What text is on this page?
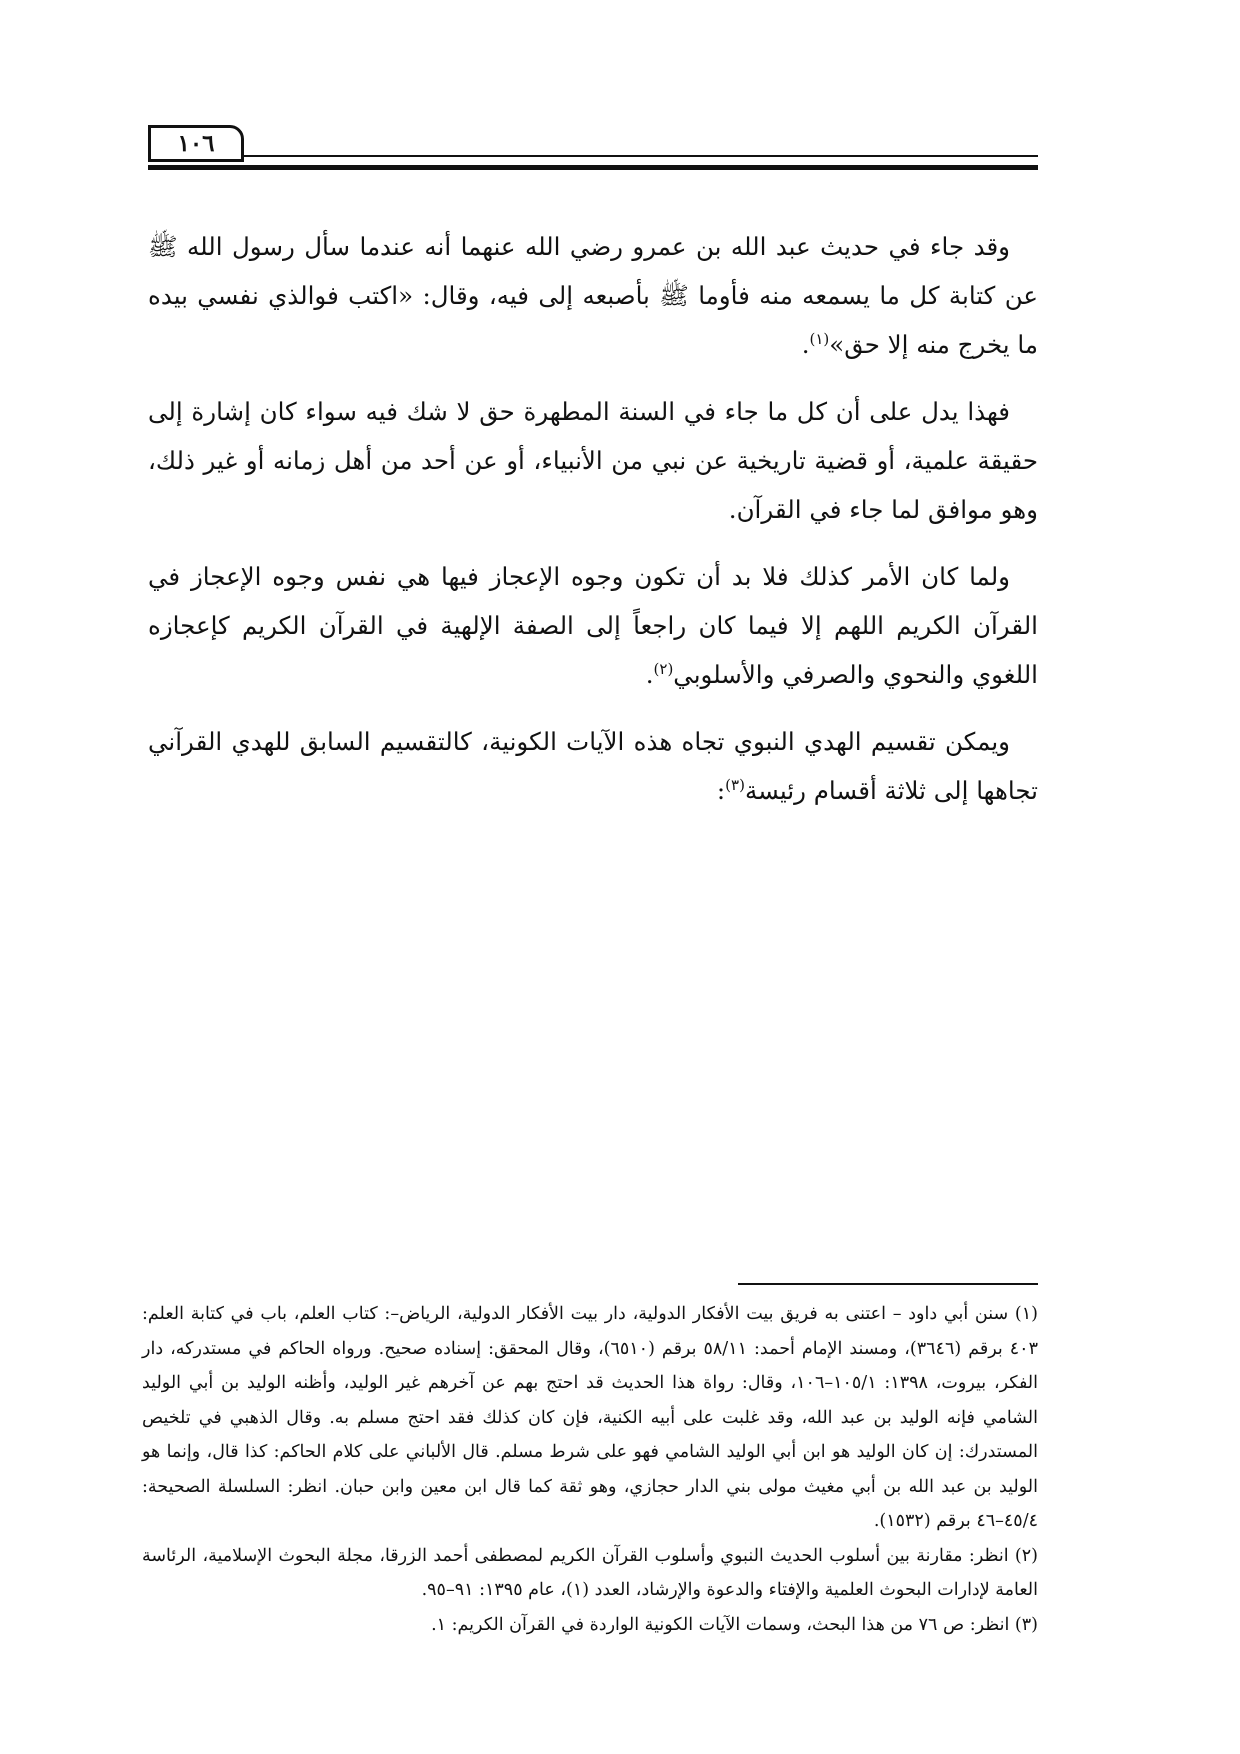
١٠٦

وقد جاء في حديث عبد الله بن عمرو رضي الله عنهما أنه عندما سأل رسول الله ﷺ عن كتابة كل ما يسمعه منه فأوما ﷺ بأصبعه إلى فيه، وقال: «اكتب فوالذي نفسي بيده ما يخرج منه إلا حق»$^{(١)}$.

فهذا يدل على أن كل ما جاء في السنة المطهرة حق لا شك فيه سواء كان إشارة إلى حقيقة علمية، أو قضية تاريخية عن نبي من الأنبياء، أو عن أحد من أهل زمانه أو غير ذلك، وهو موافق لما جاء في القرآن.

ولما كان الأمر كذلك فلا بد أن تكون وجوه الإعجاز فيها هي نفس وجوه الإعجاز في القرآن الكريم اللهم إلا فيما كان راجعاً إلى الصفة الإلهية في القرآن الكريم كإعجازه اللغوي والنحوي والصرفي والأسلوبي$^{(٢)}$.

ويمكن تقسيم الهدي النبوي تجاه هذه الآيات الكونية، كالتقسيم السابق للهدي القرآني تجاهها إلى ثلاثة أقسام رئيسة$^{(٣)}$:

(١) سنن أبي داود – اعتنى به فريق بيت الأفكار الدولية، دار بيت الأفكار الدولية، الرياض–: كتاب العلم، باب في كتابة العلم: ٤٠٣ برقم (٣٦٤٦)، ومسند الإمام أحمد: ٥٨/١١ برقم (٦٥١٠)، وقال المحقق: إسناده صحيح. ورواه الحاكم في مستدركه، دار الفكر، بيروت، ١٣٩٨: ١٠٥/١–١٠٦، وقال: رواة هذا الحديث قد احتج بهم عن آخرهم غير الوليد، وأظنه الوليد بن أبي الوليد الشامي فإنه الوليد بن عبد الله، وقد غلبت على أبيه الكنية، فإن كان كذلك فقد احتج مسلم به. وقال الذهبي في تلخيص المستدرك: إن كان الوليد هو ابن أبي الوليد الشامي فهو على شرط مسلم. قال الألباني على كلام الحاكم: كذا قال، وإنما هو الوليد بن عبد الله بن أبي مغيث مولى بني الدار حجازي، وهو ثقة كما قال ابن معين وابن حبان. انظر: السلسلة الصحيحة: ٤٥/٤–٤٦ برقم (١٥٣٢).

(٢) انظر: مقارنة بين أسلوب الحديث النبوي وأسلوب القرآن الكريم لمصطفى أحمد الزرقا، مجلة البحوث الإسلامية، الرئاسة العامة لإدارات البحوث العلمية والإفتاء والدعوة والإرشاد، العدد (١)، عام ١٣٩٥: ٩١–٩٥.

(٣) انظر: ص ٧٦ من هذا البحث، وسمات الآيات الكونية الواردة في القرآن الكريم: ١.
